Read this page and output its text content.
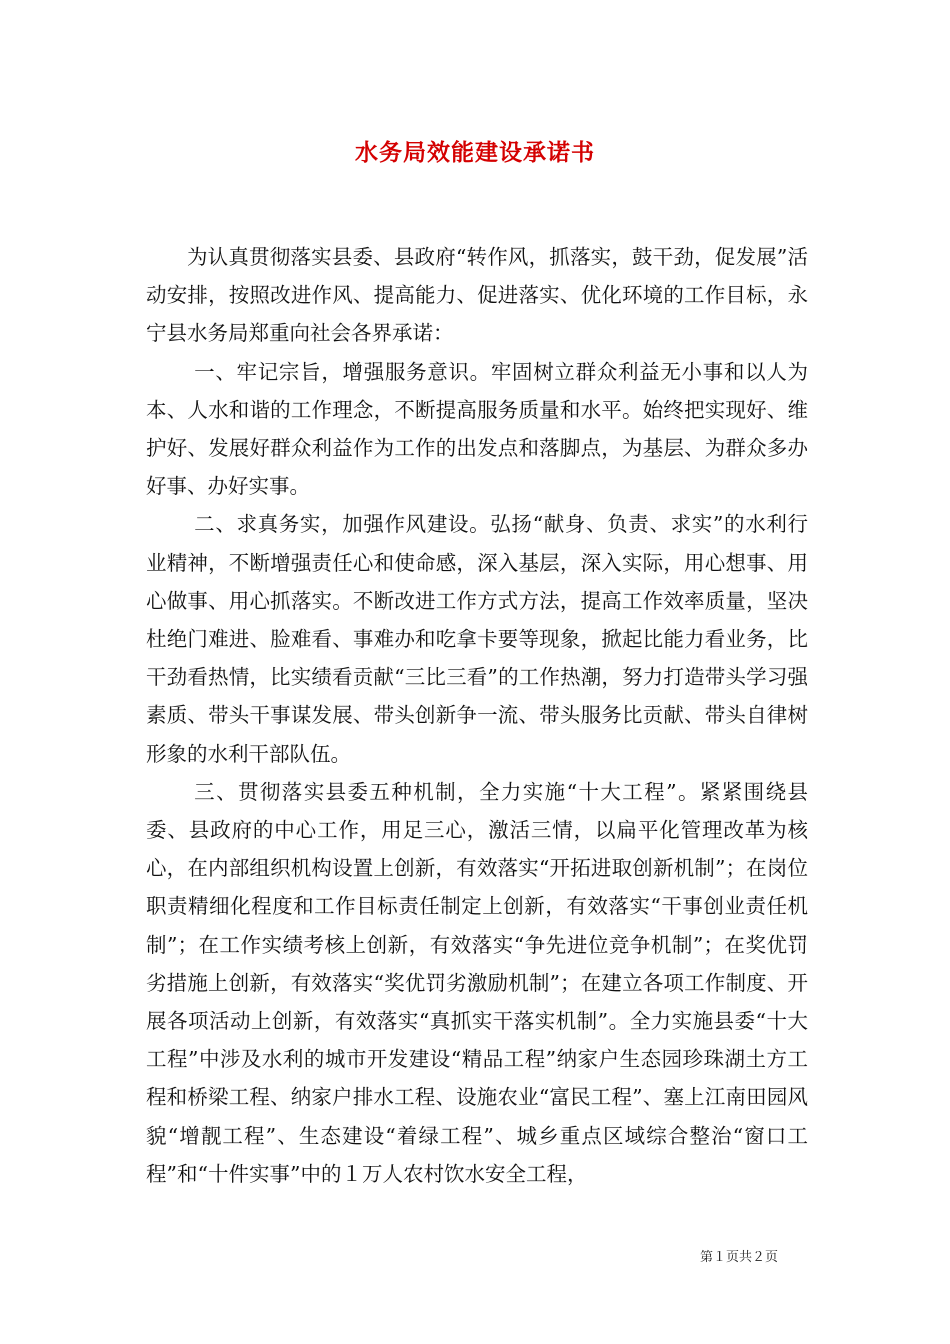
水务局效能建设承诺书

为认真贯彻落实县委、县政府“转作风，抓落实，鼓干劲，促发展”活动安排，按照改进作风、提高能力、促进落实、优化环境的工作目标，永宁县水务局郑重向社会各界承诺：

一、牢记宗旨，增强服务意识。牢固树立群众利益无小事和以人为本、人水和谐的工作理念，不断提高服务质量和水平。始终把实现好、维护好、发展好群众利益作为工作的出发点和落脚点，为基层、为群众多办好事、办好实事。

二、求真务实，加强作风建设。弘扬“献身、负责、求实”的水利行业精神，不断增强责任心和使命感，深入基层，深入实际，用心想事、用心做事、用心抓落实。不断改进工作方式方法，提高工作效率质量，坚决杜绝门难进、脸难看、事难办和吃拿卡要等现象，掀起比能力看业务，比干劲看热情，比实绩看贡献“三比三看”的工作热潮，努力打造带头学习强素质、带头干事谋发展、带头创新争一流、带头服务比贡献、带头自律树形象的水利干部队伍。

三、贯彻落实县委五种机制，全力实施“十大工程”。紧紧围绕县委、县政府的中心工作，用足三心，激活三情，以扁平化管理改革为核心，在内部组织机构设置上创新，有效落实“开拓进取创新机制”；在岗位职责精细化程度和工作目标责任制定上创新，有效落实“干事创业责任机制”；在工作实绩考核上创新，有效落实“争先进位竞争机制”；在奖优罚劣措施上创新，有效落实“奖优罚劣激励机制”；在建立各项工作制度、开展各项活动上创新，有效落实“真抓实干落实机制”。全力实施县委“十大工程”中涉及水利的城市开发建设“精品工程”纳家户生态园珍珠湖土方工程和桥梁工程、纳家户排水工程、设施农业“富民工程”、塞上江南田园风貌“增靓工程”、生态建设“着绿工程”、城乡重点区域综合整治“窗口工程”和“十件实事”中的１万人农村饮水安全工程，

第１页共２页
